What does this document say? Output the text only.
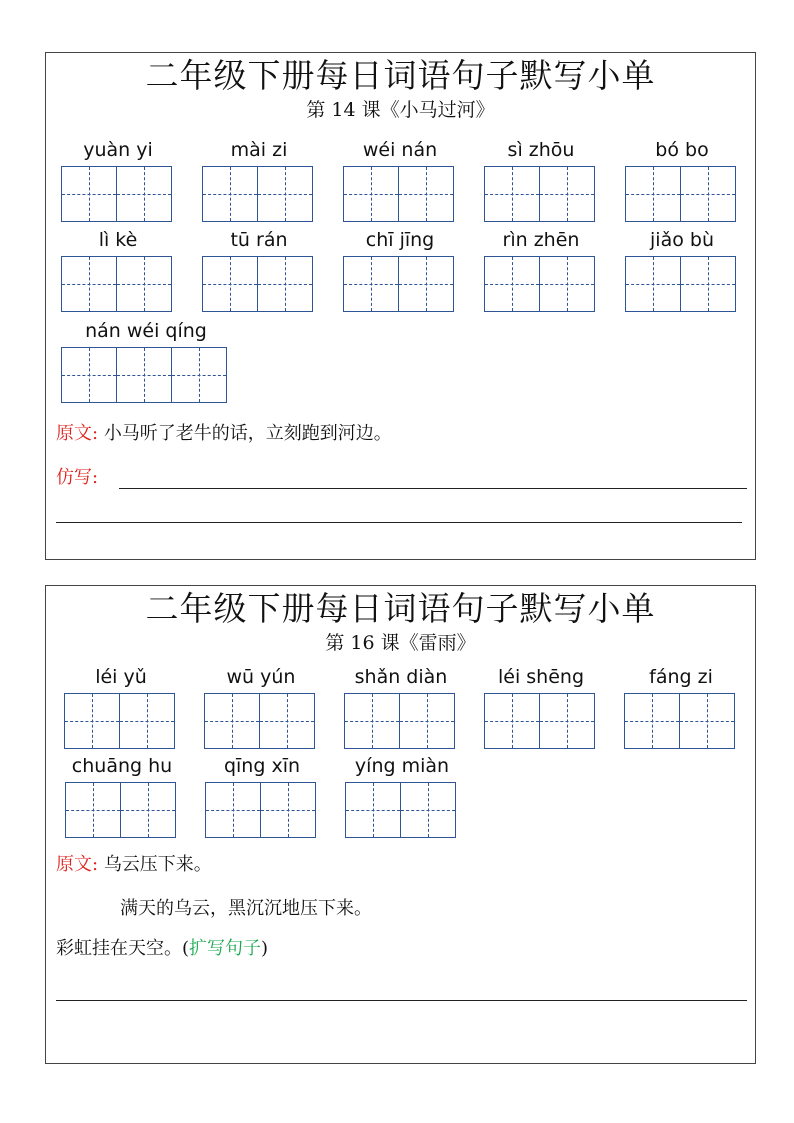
二年级下册每日词语句子默写小单
第 14 课《小马过河》
yuàn yi	mài zi	wéi nán	sì zhōu	bó bo
lì kè	tū rán	chī jīng	rìn zhēn	jiǎo bù
nán wéi qíng
原文: 小马听了老牛的话，立刻跑到河边。
仿写:
二年级下册每日词语句子默写小单
第 16 课《雷雨》
léi yǔ	wū yún	shǎn diàn	léi shēng	fáng zi
chuāng hu	qīng xīn	yíng miàn
原文: 乌云压下来。
满天的乌云，黑沉沉地压下来。
彩虹挂在天空。(扩写句子)
